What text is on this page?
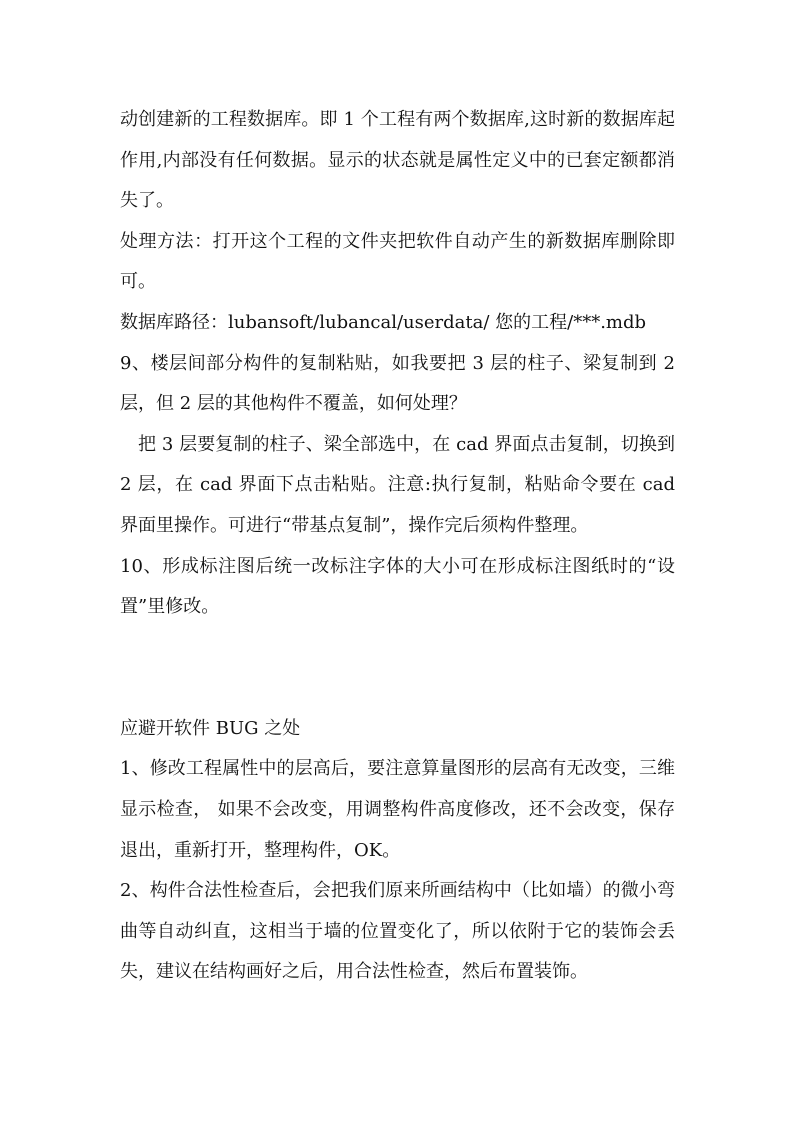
动创建新的工程数据库。即 1 个工程有两个数据库,这时新的数据库起作用,内部没有任何数据。显示的状态就是属性定义中的已套定额都消失了。

处理方法：打开这个工程的文件夹把软件自动产生的新数据库删除即可。

数据库路径：lubansoft/lubancal/userdata/ 您的工程/***.mdb

9、楼层间部分构件的复制粘贴，如我要把 3 层的柱子、梁复制到 2 层，但 2 层的其他构件不覆盖，如何处理？

把 3 层要复制的柱子、梁全部选中，在 cad 界面点击复制，切换到 2 层，在 cad 界面下点击粘贴。注意:执行复制，粘贴命令要在 cad 界面里操作。可进行“带基点复制”，操作完后须构件整理。

10、形成标注图后统一改标注字体的大小可在形成标注图纸时的“设置”里修改。

应避开软件 BUG 之处

1、修改工程属性中的层高后，要注意算量图形的层高有无改变，三维显示检查， 如果不会改变，用调整构件高度修改，还不会改变，保存退出，重新打开，整理构件，OK。

2、构件合法性检查后，会把我们原来所画结构中（比如墙）的微小弯曲等自动纠直，这相当于墙的位置变化了，所以依附于它的装饰会丢失，建议在结构画好之后，用合法性检查，然后布置装饰。
